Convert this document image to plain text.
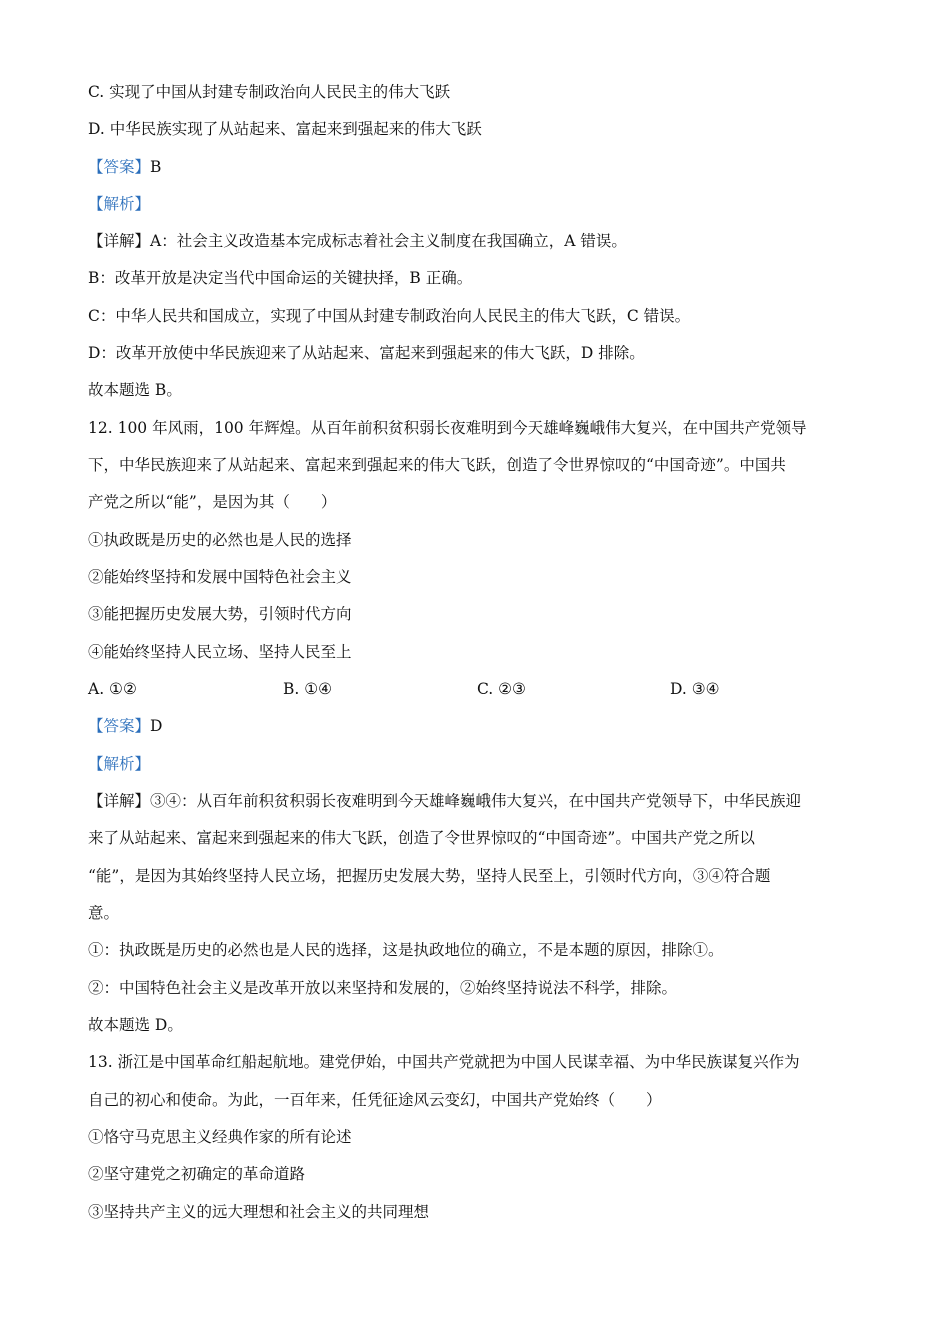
C. 实现了中国从封建专制政治向人民民主的伟大飞跃
D. 中华民族实现了从站起来、富起来到强起来的伟大飞跃
【答案】B
【解析】
【详解】A：社会主义改造基本完成标志着社会主义制度在我国确立，A 错误。
B：改革开放是决定当代中国命运的关键抉择，B 正确。
C：中华人民共和国成立，实现了中国从封建专制政治向人民民主的伟大飞跃，C 错误。
D：改革开放使中华民族迎来了从站起来、富起来到强起来的伟大飞跃，D 排除。
故本题选 B。
12. 100 年风雨，100 年辉煌。从百年前积贫积弱长夜难明到今天雄峰巍峨伟大复兴，在中国共产党领导
下，中华民族迎来了从站起来、富起来到强起来的伟大飞跃，创造了令世界惊叹的“中国奇迹”。中国共
产党之所以“能”，是因为其（　　）
①执政既是历史的必然也是人民的选择
②能始终坚持和发展中国特色社会主义
③能把握历史发展大势，引领时代方向
④能始终坚持人民立场、坚持人民至上
A. ①②	B. ①④	C. ②③	D. ③④
【答案】D
【解析】
【详解】③④：从百年前积贫积弱长夜难明到今天雄峰巍峨伟大复兴，在中国共产党领导下，中华民族迎
来了从站起来、富起来到强起来的伟大飞跃，创造了令世界惊叹的“中国奇迹”。中国共产党之所以
“能”，是因为其始终坚持人民立场，把握历史发展大势，坚持人民至上，引领时代方向，③④符合题
意。
①：执政既是历史的必然也是人民的选择，这是执政地位的确立，不是本题的原因，排除①。
②：中国特色社会主义是改革开放以来坚持和发展的，②始终坚持说法不科学，排除。
故本题选 D。
13. 浙江是中国革命红船起航地。建党伊始，中国共产党就把为中国人民谋幸福、为中华民族谋复兴作为
自己的初心和使命。为此，一百年来，任凭征途风云变幻，中国共产党始终（　　）
①恪守马克思主义经典作家的所有论述
②坚守建党之初确定的革命道路
③坚持共产主义的远大理想和社会主义的共同理想
